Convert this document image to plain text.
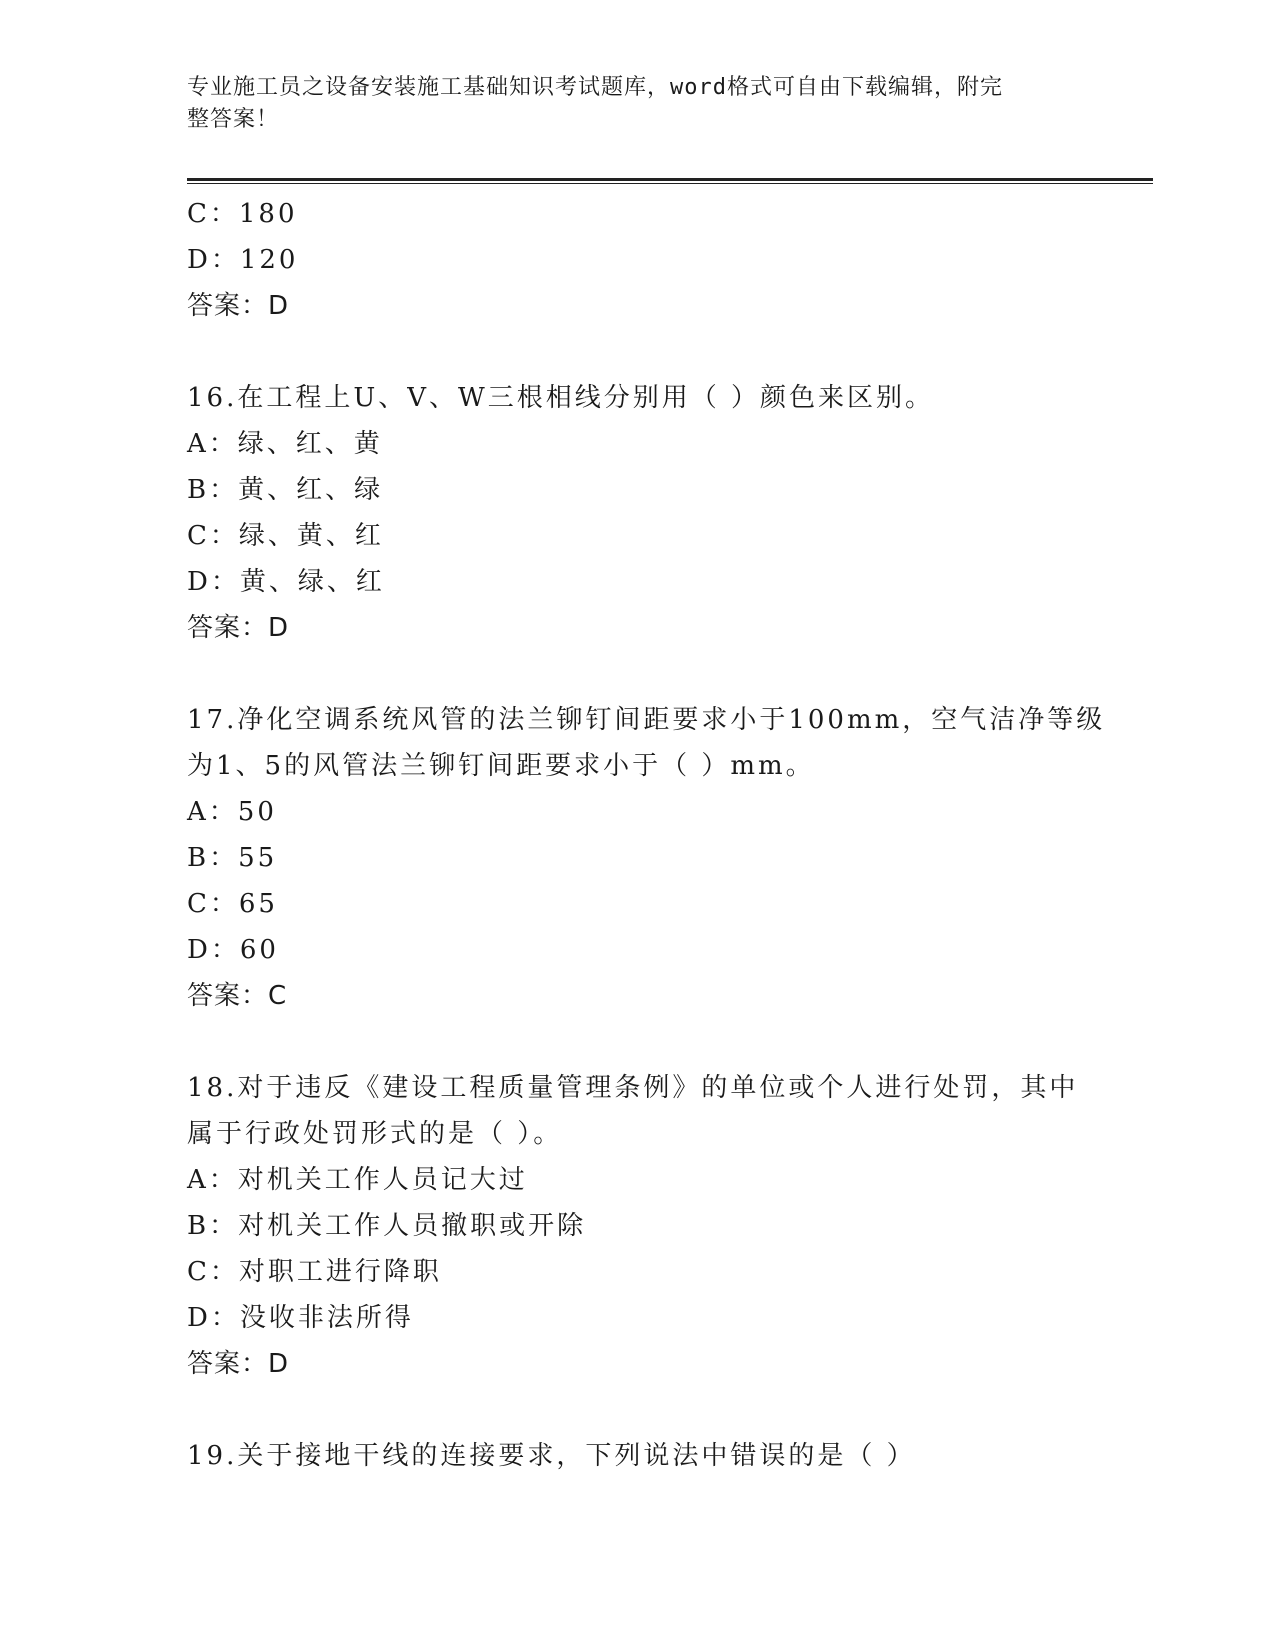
专业施工员之设备安装施工基础知识考试题库，word格式可自由下载编辑，附完
整答案！
C：180
D：120
答案：D
16.在工程上U、V、W三根相线分别用（ ）颜色来区别。
A：绿、红、黄
B：黄、红、绿
C：绿、黄、红
D：黄、绿、红
答案：D
17.净化空调系统风管的法兰铆钉间距要求小于100mm，空气洁净等级
为1、5的风管法兰铆钉间距要求小于（ ）mm。
A：50
B：55
C：65
D：60
答案：C
18.对于违反《建设工程质量管理条例》的单位或个人进行处罚，其中
属于行政处罚形式的是（ ）。
A：对机关工作人员记大过
B：对机关工作人员撤职或开除
C：对职工进行降职
D：没收非法所得
答案：D
19.关于接地干线的连接要求，下列说法中错误的是（ ）
